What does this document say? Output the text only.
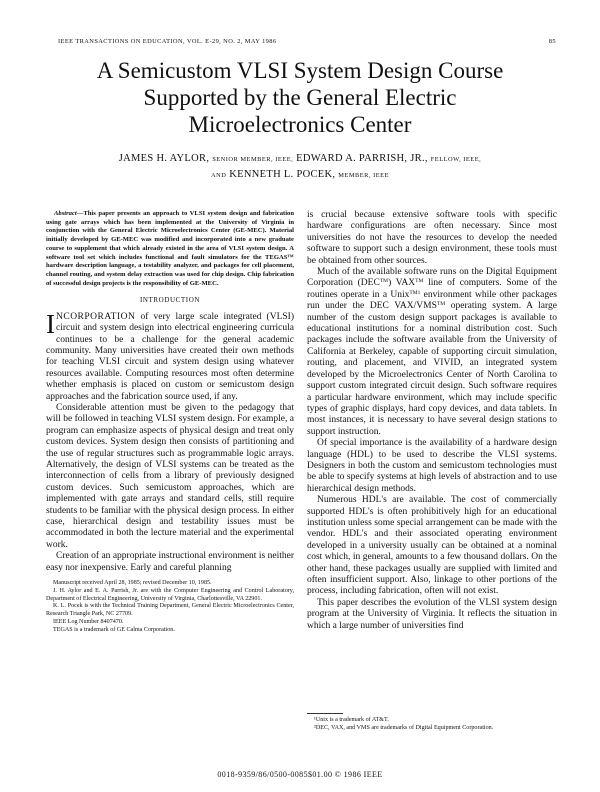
IEEE TRANSACTIONS ON EDUCATION, VOL. E-29, NO. 2, MAY 1986	85
A Semicustom VLSI System Design Course
Supported by the General Electric
Microelectronics Center
JAMES H. AYLOR, SENIOR MEMBER, IEEE, EDWARD A. PARRISH, JR., FELLOW, IEEE,
AND KENNETH L. POCEK, MEMBER, IEEE

Abstract—This paper presents an approach to VLSI system design and fabrication using gate arrays which has been implemented at the University of Virginia in conjunction with the General Electric Microelectronics Center (GE-MEC). Material initially developed by GE-MEC was modified and incorporated into a new graduate course to supplement that which already existed in the area of VLSI system design. A software tool set which includes functional and fault simulators for the TEGAS™ hardware description language, a testability analyzer, and packages for cell placement, channel routing, and system delay extraction was used for chip design. Chip fabrication of successful design projects is the responsibility of GE-MEC.

INTRODUCTION

INCORPORATION of very large scale integrated (VLSI) circuit and system design into electrical engineering curricula continues to be a challenge for the general academic community. Many universities have created their own methods for teaching VLSI circuit and system design using whatever resources available. Computing resources most often determine whether emphasis is placed on custom or semicustom design approaches and the fabrication source used, if any.

Considerable attention must be given to the pedagogy that will be followed in teaching VLSI system design. For example, a program can emphasize aspects of physical design and treat only custom devices. System design then consists of partitioning and the use of regular structures such as programmable logic arrays. Alternatively, the design of VLSI systems can be treated as the interconnection of cells from a library of previously designed custom devices. Such semicustom approaches, which are implemented with gate arrays and standard cells, still require students to be familiar with the physical design process. In either case, hierarchical design and testability issues must be accommodated in both the lecture material and the experimental work.

Creation of an appropriate instructional environment is neither easy nor inexpensive. Early and careful planning

Manuscript received April 28, 1985; revised December 10, 1985.

J. H. Aylor and E. A. Parrish, Jr. are with the Computer Engineering and Control Laboratory, Department of Electrical Engineering, University of Virginia, Charlottesville, VA 22901.

K. L. Pocek is with the Technical Training Department, General Electric Microelectronics Center, Research Triangle Park, NC 27709.

IEEE Log Number 8407470.

TEGAS is a trademark of GE Calma Corporation.

is crucial because extensive software tools with specific hardware configurations are often necessary. Since most universities do not have the resources to develop the needed software to support such a design environment, these tools must be obtained from other sources.

Much of the available software runs on the Digital Equipment Corporation (DEC™) VAX™ line of computers. Some of the routines operate in a Unix$^{TM1}$ environment while other packages run under the DEC VAX/VMS™ operating system. A large number of the custom design support packages is available to educational institutions for a nominal distribution cost. Such packages include the software available from the University of California at Berkeley, capable of supporting circuit simulation, routing, and placement, and VIVID, an integrated system developed by the Microelectronics Center of North Carolina to support custom integrated circuit design. Such software requires a particular hardware environment, which may include specific types of graphic displays, hard copy devices, and data tablets. In most instances, it is necessary to have several design stations to support instruction.

Of special importance is the availability of a hardware design language (HDL) to be used to describe the VLSI systems. Designers in both the custom and semicustom technologies must be able to specify systems at high levels of abstraction and to use hierarchical design methods.

Numerous HDL's are available. The cost of commercially supported HDL's is often prohibitively high for an educational institution unless some special arrangement can be made with the vendor. HDL's and their associated operating environment developed in a university usually can be obtained at a nominal cost which, in general, amounts to a few thousand dollars. On the other hand, these packages usually are supplied with limited and often insufficient support. Also, linkage to other portions of the process, including fabrication, often will not exist.

This paper describes the evolution of the VLSI system design program at the University of Virginia. It reflects the situation in which a large number of universities find

¹Unix is a trademark of AT&T.

²DEC, VAX, and VMS are trademarks of Digital Equipment Corporation.

0018-9359/86/0500-0085$01.00 © 1986 IEEE
